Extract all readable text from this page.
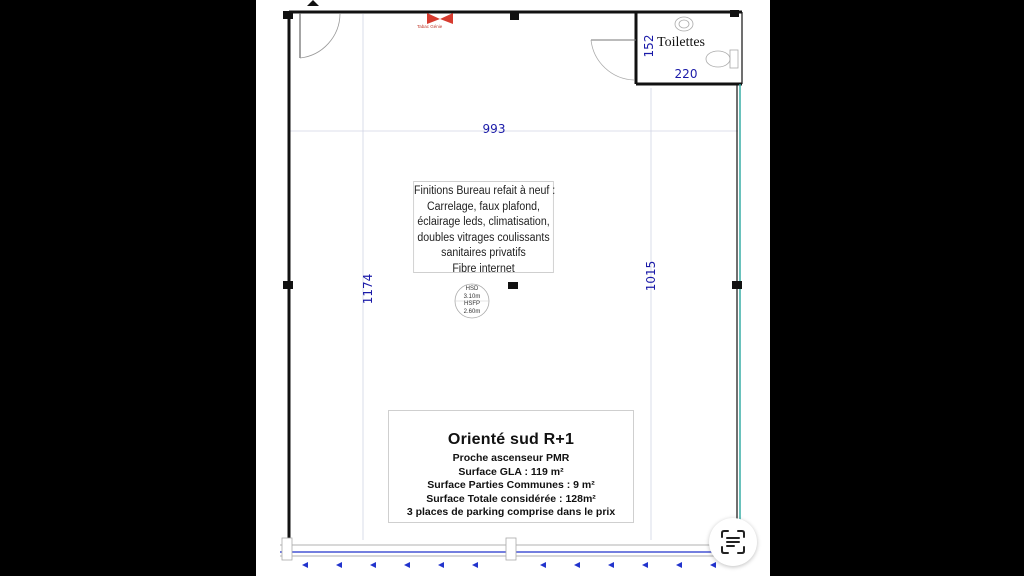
993
1174	1015
152
220
Tabac Génie
Toilettes
HSD
3.10m
HSFP
2.60m
Finitions Bureau refait à neuf :
Carrelage, faux plafond,
éclairage leds, climatisation,
doubles vitrages coulissants
sanitaires privatifs
Fibre internet
Orienté sud R+1
Proche ascenseur PMR
Surface GLA : 119 m²
Surface Parties Communes : 9 m²
Surface Totale considérée : 128m²
3 places de parking comprise dans le prix
